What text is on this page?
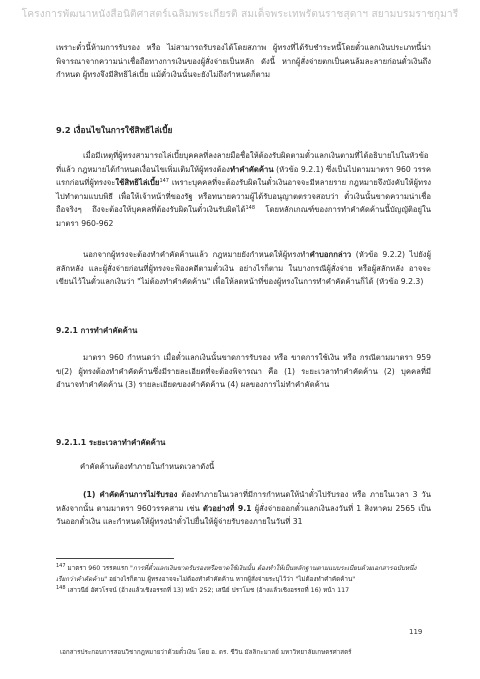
โครงการพัฒนาหนังสือนิติศาสตร์เฉลิมพระเกียรติ สมเด็จพระเทพรัตนราชสุดาฯ สยามบรมราชกุมารี

เพราะตั๋วนี้ห้ามการรับรอง หรือ ไม่สามารถรับรองได้โดยสภาพ ผู้ทรงที่ได้รับชำระหนี้โดยตั๋วแลกเงินประเภทนี้น่าพิจารณาจากความน่าเชื่อถือทางการเงินของผู้สั่งจ่ายเป็นหลัก ดังนี้ หากผู้สั่งจ่ายตกเป็นคนล้มละลายก่อนตั๋วเงินถึงกำหนด ผู้ทรงจึงมีสิทธิไล่เบี้ย แม้ตั๋วเงินนั้นจะยังไม่ถึงกำหนดก็ตาม

9.2 เงื่อนไขในการใช้สิทธิไล่เบี้ย

เมื่อมีเหตุที่ผู้ทรงสามารถไล่เบี้ยบุคคลที่ลงลายมือชื่อให้ต้องรับผิดตามตั๋วแลกเงินตามที่ได้อธิบายไปในหัวข้อที่แล้ว กฎหมายได้กำหนดเงื่อนไขเพิ่มเติมให้ผู้ทรงต้องทำคำคัดค้าน (หัวข้อ 9.2.1) ซึ่งเป็นไปตามมาตรา 960 วรรคแรกก่อนที่ผู้ทรงจะใช้สิทธิไล่เบี้ย$^{147}$ เพราะบุคคลที่จะต้องรับผิดในตั๋วเงินอาจจะมีหลายราย กฎหมายจึงบังคับให้ผู้ทรงไปทำตามแบบพิธี เพื่อให้เจ้าหน้าที่ของรัฐ หรือทนายความผู้ได้รับอนุญาตตรวจสอบว่า ตั๋วเงินนั้นขาดความน่าเชื่อถือจริงๆ ถึงจะต้องให้บุคคลที่ต้องรับผิดในตั๋วเงินรับผิดได้$^{148}$ โดยหลักเกณฑ์ของการทำคำคัดค้านนี้บัญญัติอยู่ในมาตรา 960-962

นอกจากผู้ทรงจะต้องทำคำคัดค้านแล้ว กฎหมายยังกำหนดให้ผู้ทรงทำคำบอกกล่าว (หัวข้อ 9.2.2) ไปยังผู้สลักหลัง และผู้สั่งจ่ายก่อนที่ผู้ทรงจะฟ้องคดีตามตั๋วเงิน อย่างไรก็ตาม ในบางกรณีผู้สั่งจ่าย หรือผู้สลักหลัง อาจจะเขียนไว้ในตั๋วแลกเงินว่า "ไม่ต้องทำคำคัดค้าน" เพื่อให้ลดหน้าที่ของผู้ทรงในการทำคำคัดค้านก็ได้ (หัวข้อ 9.2.3)

9.2.1 การทำคำคัดค้าน

มาตรา 960 กำหนดว่า เมื่อตั๋วแลกเงินนั้นขาดการรับรอง หรือ ขาดการใช้เงิน หรือ กรณีตามมาตรา 959 ข(2) ผู้ทรงต้องทำคำคัดค้านซึ่งมีรายละเอียดที่จะต้องพิจารณา คือ (1) ระยะเวลาทำคำคัดค้าน (2) บุคคลที่มีอำนาจทำคำคัดค้าน (3) รายละเอียดของคำคัดค้าน (4) ผลของการไม่ทำคำคัดค้าน

9.2.1.1 ระยะเวลาทำคำคัดค้าน

คำคัดค้านต้องทำภายในกำหนดเวลาดังนี้

(1) คำคัดค้านการไม่รับรอง ต้องทำภายในเวลาที่มีการกำหนดให้นำตั๋วไปรับรอง หรือ ภายในเวลา 3 วันหลังจากนั้น ตามมาตรา 960วรรคสาม เช่น ตัวอย่างที่ 9.1 ผู้สั่งจ่ายออกตั๋วแลกเงินลงวันที่ 1 สิงหาคม 2565 เป็นวันออกตั๋วเงิน และกำหนดให้ผู้ทรงนำตั๋วไปยื่นให้ผู้จ่ายรับรองภายในวันที่ 31

$^{147}$ มาตรา 960 วรรคแรก "การที่ตั๋วแลกเงินขาดรับรองหรือขาดใช้เงินนั้น ต้องทำให้เป็นหลักฐานตามแบบระเบียบด้วยเอกสารฉบับหนึ่ง เรียกว่าคำคัดค้าน" อย่างไรก็ตาม ผู้ทรงอาจจะไม่ต้องทำคำคัดค้าน หากผู้สั่งจ่ายระบุไว้ว่า "ไม่ต้องทำคำคัดค้าน"

$^{148}$ เสาวนีย์ อัศวโรจน์ (อ้างแล้วเชิงอรรถที่ 13) หน้า 252; เสนีย์ ปราโมช (อ้างแล้วเชิงอรรถที่ 16) หน้า 117

119
เอกสารประกอบการสอนวิชากฎหมายว่าด้วยตั๋วเงิน โดย อ. ดร. ชีวิน มัลลิกะมาลย์ มหาวิทยาลัยเกษตรศาสตร์
